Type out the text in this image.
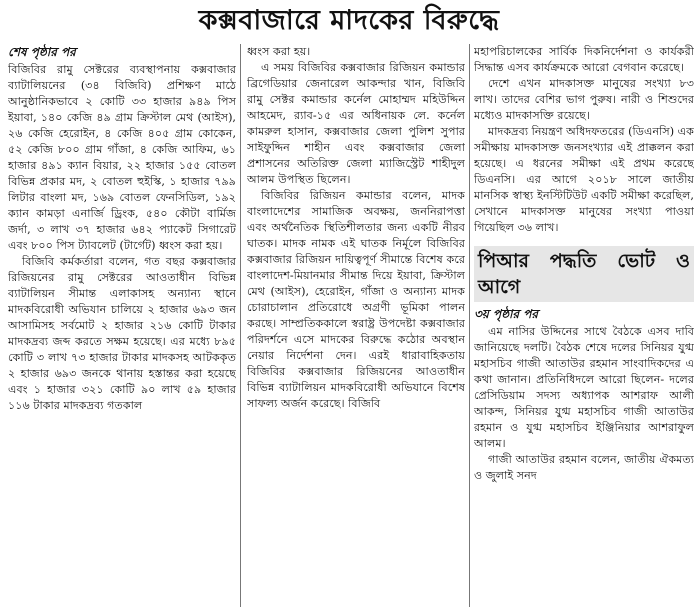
কক্সবাজারে মাদকের বিরুদ্ধে
শেষ পৃষ্ঠার পর

বিজিবির রামু সেক্টরের ব্যবস্থাপনায় কক্সবাজার ব্যাটালিয়নের (৩৪ বিজিবি) প্রশিক্ষণ মাঠে আনুষ্ঠানিকভাবে ২ কোটি ৩৩ হাজার ৯৪৯ পিস ইয়াবা, ১৪০ কেজি ৪৯ গ্রাম ক্রিস্টাল মেথ (আইস), ২৬ কেজি হেরোইন, ৪ কেজি ৪০৫ গ্রাম কোকেন, ৫২ কেজি ৮০০ গ্রাম গাঁজা, ৪ কেজি আফিম, ৬১ হাজার ৪৯১ ক্যান বিয়ার, ২২ হাজার ১৫৫ বোতল বিভিন্ন প্রকার মদ, ২ বোতল হুইস্কি, ১ হাজার ৭৯৯ লিটার বাংলা মদ, ১৬৯ বোতল ফেনসিডিল, ১৯২ ক্যান কামড়া এনার্জি ড্রিংক, ৫৪০ কৌটা বার্মিজ জর্দা, ৩ লাখ ৩৭ হাজার ৬৪২ প্যাকেট সিগারেট এবং ৮০০ পিস ট্যাবলেট (টার্গেট) ধ্বংস করা হয়।

বিজিবি কর্মকর্তারা বলেন, গত বছর কক্সবাজার রিজিয়নের রামু সেক্টরের আওতাধীন বিভিন্ন ব্যাটালিয়ন সীমান্ত এলাকাসহ অন্যান্য স্থানে মাদকবিরোধী অভিযান চালিয়ে ২ হাজার ৬৯৩ জন আসামিসহ সর্বমোট ২ হাজার ২১৬ কোটি টাকার মাদকদ্রব্য জব্দ করতে সক্ষম হয়েছে। এর মধ্যে ৮৯৫ কোটি ৩ লাখ ৭৩ হাজার টাকার মাদকসহ আটককৃত ২ হাজার ৬৯৩ জনকে থানায় হস্তান্তর করা হয়েছে এবং ১ হাজার ৩২১ কোটি ৯০ লাখ ৫৯ হাজার ১১৬ টাকার মাদকদ্রব্য গতকাল

ধ্বংস করা হয়।

এ সময় বিজিবির কক্সবাজার রিজিয়ন কমান্ডার ব্রিগেডিয়ার জেনারেল আকন্দার খান, বিজিবি রামু সেক্টর কমান্ডার কর্নেল মোহাম্মদ মহিউদ্দিন আহমেদ, র‌্যাব-১৫ এর অধিনায়ক লে. কর্নেল কামরুল হাসান, কক্সবাজার জেলা পুলিশ সুপার সাইফুদ্দিন শাহীন এবং কক্সবাজার জেলা প্রশাসনের অতিরিক্ত জেলা ম্যাজিস্ট্রেট শাহীদুল আলম উপস্থিত ছিলেন।

বিজিবির রিজিয়ন কমান্ডার বলেন, মাদক বাংলাদেশের সামাজিক অবক্ষয়, জননিরাপত্তা এবং অর্থনৈতিক স্থিতিশীলতার জন্য একটি নীরব ঘাতক। মাদক নামক এই ঘাতক নির্মূলে বিজিবির কক্সবাজার রিজিয়ন দায়িত্বপূর্ণ সীমান্তে বিশেষ করে বাংলাদেশ-মিয়ানমার সীমান্ত দিয়ে ইয়াবা, ক্রিস্টাল মেথ (আইস), হেরোইন, গাঁজা ও অন্যান্য মাদক চোরাচালান প্রতিরোধে অগ্রণী ভূমিকা পালন করছে। সাম্প্রতিককালে স্বরাষ্ট্র উপদেষ্টা কক্সবাজার পরিদর্শনে এসে মাদকের বিরুদ্ধে কঠোর অবস্থান নেয়ার নির্দেশনা দেন। এরই ধারাবাহিকতায় বিজিবির কক্সবাজার রিজিয়নের আওতাধীন বিভিন্ন ব্যাটালিয়ন মাদকবিরোধী অভিযানে বিশেষ সাফল্য অর্জন করেছে। বিজিবি

মহাপরিচালকের সার্বিক দিকনির্দেশনা ও কার্যকরী সিদ্ধান্ত এসব কার্যক্রমকে আরো বেগবান করেছে।

দেশে এখন মাদকাসক্ত মানুষের সংখ্যা ৮৩ লাখ। তাদের বেশির ভাগ পুরুষ। নারী ও শিশুদের মধ্যেও মাদকাসক্তি রয়েছে।

মাদকদ্রব্য নিয়ন্ত্রণ অধিদফতরের (ডিএনসি) এক সমীক্ষায় মাদকাসক্ত জনসংখ্যার এই প্রাক্কলন করা হয়েছে। এ ধরনের সমীক্ষা এই প্রথম করেছে ডিএনসি। এর আগে ২০১৮ সালে জাতীয় মানসিক স্বাস্থ্য ইনস্টিটিউট একটি সমীক্ষা করেছিল, সেখানে মাদকাসক্ত মানুষের সংখ্যা পাওয়া গিয়েছিল ৩৬ লাখ।

পিআর পদ্ধতি ভোট ও আগে
৩য় পৃষ্ঠার পর

এম নাসির উদ্দিনের সাথে বৈঠকে এসব দাবি জানিয়েছে দলটি। বৈঠক শেষে দলের সিনিয়র যুগ্ম মহাসচিব গাজী আতাউর রহমান সাংবাদিকদের এ কথা জানান। প্রতিনিধিদলে আরো ছিলেন- দলের প্রেসিডিয়াম সদস্য অধ্যাপক আশরাফ আলী আকন্দ, সিনিয়র যুগ্ম মহাসচিব গাজী আতাউর রহমান ও যুগ্ম মহাসচিব ইঞ্জিনিয়ার আশরাফুল আলম।

গাজী আতাউর রহমান বলেন, জাতীয় ঐকমত্য ও জুলাই সনদ
